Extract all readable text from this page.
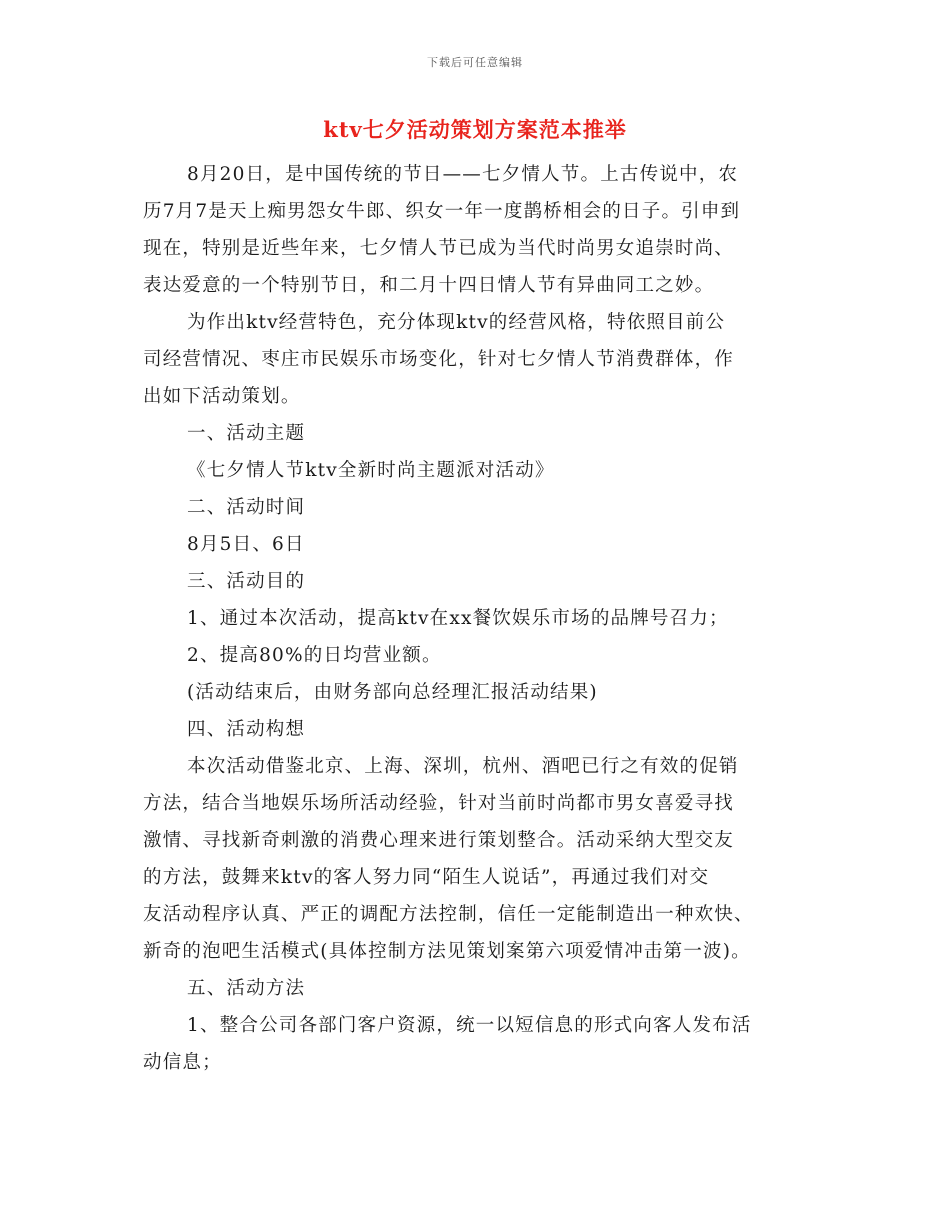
下载后可任意编辑
ktv七夕活动策划方案范本推举

8月20日，是中国传统的节日——七夕情人节。上古传说中，农

历7月7是天上痴男怨女牛郎、织女一年一度鹊桥相会的日子。引申到

现在，特别是近些年来，七夕情人节已成为当代时尚男女追崇时尚、

表达爱意的一个特别节日，和二月十四日情人节有异曲同工之妙。

为作出ktv经营特色，充分体现ktv的经营风格，特依照目前公

司经营情况、枣庄市民娱乐市场变化，针对七夕情人节消费群体，作

出如下活动策划。

一、活动主题

《七夕情人节ktv全新时尚主题派对活动》

二、活动时间

8月5日、6日

三、活动目的

1、通过本次活动，提高ktv在xx餐饮娱乐市场的品牌号召力；

2、提高80%的日均营业额。

(活动结束后，由财务部向总经理汇报活动结果)

四、活动构想

本次活动借鉴北京、上海、深圳，杭州、酒吧已行之有效的促销

方法，结合当地娱乐场所活动经验，针对当前时尚都市男女喜爱寻找

激情、寻找新奇刺激的消费心理来进行策划整合。活动采纳大型交友

的方法，鼓舞来ktv的客人努力同“陌生人说话”，再通过我们对交

友活动程序认真、严正的调配方法控制，信任一定能制造出一种欢快、

新奇的泡吧生活模式(具体控制方法见策划案第六项爱情冲击第一波)。

五、活动方法

1、整合公司各部门客户资源，统一以短信息的形式向客人发布活

动信息；
